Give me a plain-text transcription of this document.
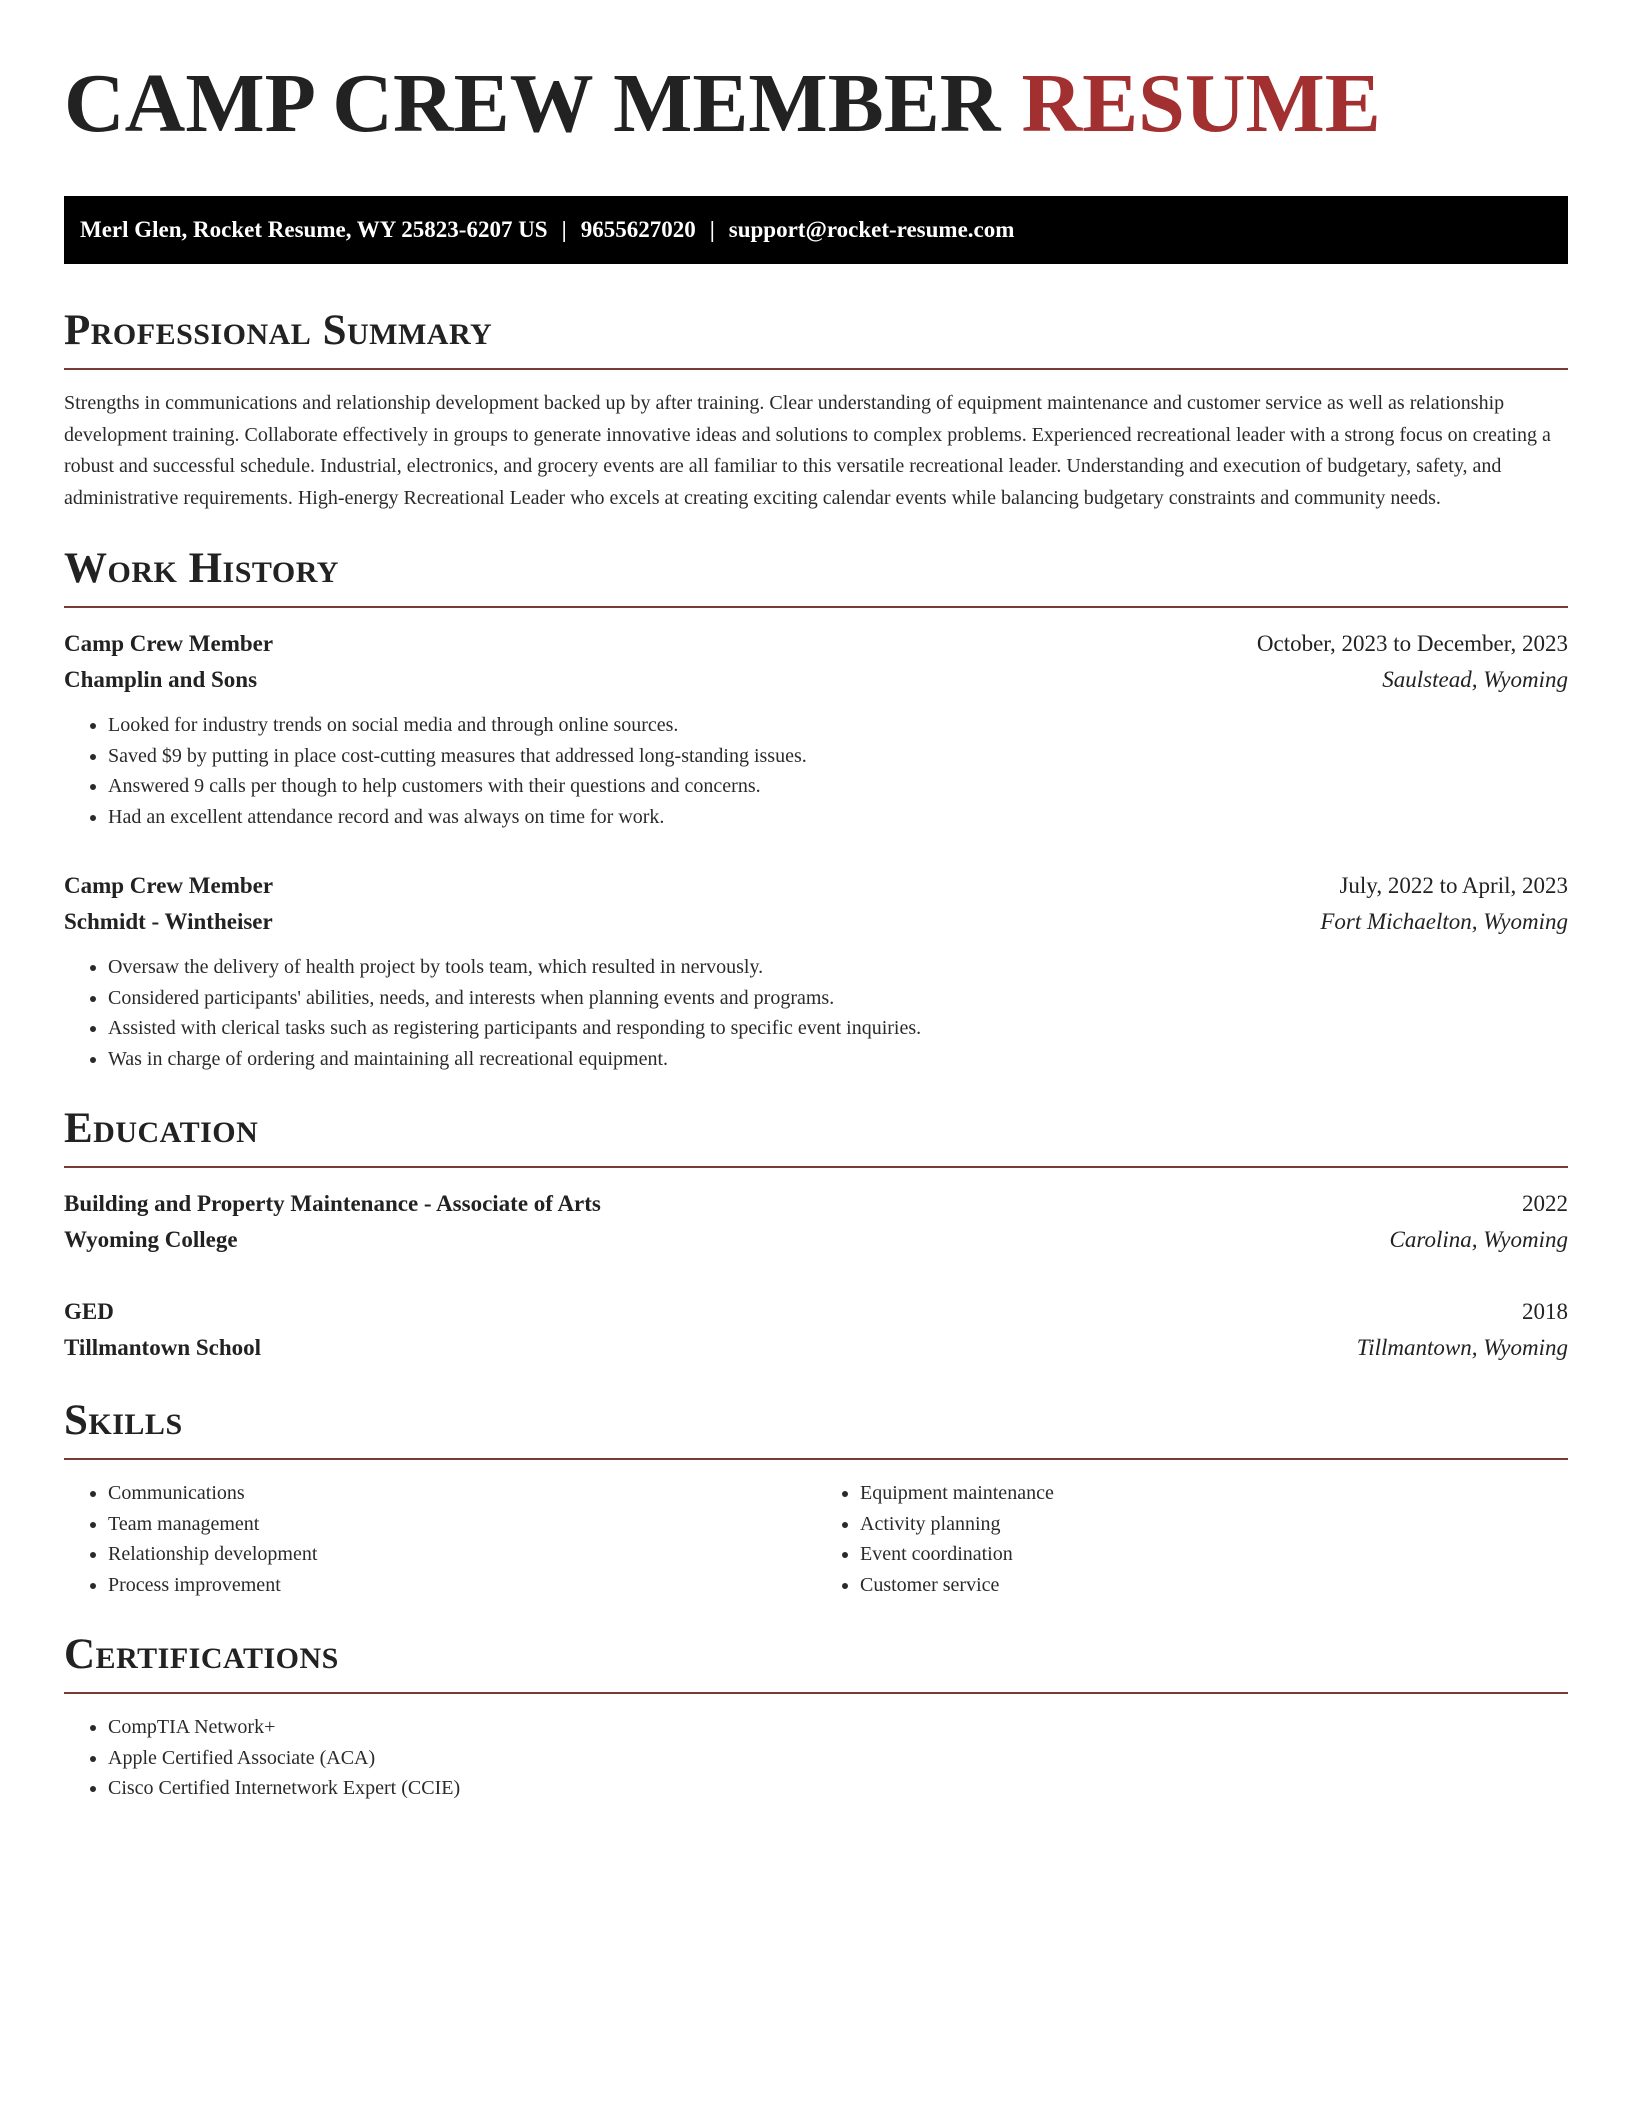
CAMP CREW MEMBER RESUME
Merl Glen, Rocket Resume, WY 25823-6207 US | 9655627020 | support@rocket-resume.com
Professional Summary

Strengths in communications and relationship development backed up by after training. Clear understanding of equipment maintenance and customer service as well as relationship development training. Collaborate effectively in groups to generate innovative ideas and solutions to complex problems. Experienced recreational leader with a strong focus on creating a robust and successful schedule. Industrial, electronics, and grocery events are all familiar to this versatile recreational leader. Understanding and execution of budgetary, safety, and administrative requirements. High-energy Recreational Leader who excels at creating exciting calendar events while balancing budgetary constraints and community needs.

Work History
Camp Crew Member	October, 2023 to December, 2023
Champlin and Sons	Saulstead, Wyoming
• Looked for industry trends on social media and through online sources.
• Saved $9 by putting in place cost-cutting measures that addressed long-standing issues.
• Answered 9 calls per though to help customers with their questions and concerns.
• Had an excellent attendance record and was always on time for work.
Camp Crew Member	July, 2022 to April, 2023
Schmidt - Wintheiser	Fort Michaelton, Wyoming
• Oversaw the delivery of health project by tools team, which resulted in nervously.
• Considered participants' abilities, needs, and interests when planning events and programs.
• Assisted with clerical tasks such as registering participants and responding to specific event inquiries.
• Was in charge of ordering and maintaining all recreational equipment.
Education
Building and Property Maintenance - Associate of Arts	2022
Wyoming College	Carolina, Wyoming
GED	2018
Tillmantown School	Tillmantown, Wyoming
Skills
• Communications
• Team management
• Relationship development
• Process improvement
• Equipment maintenance
• Activity planning
• Event coordination
• Customer service
Certifications
• CompTIA Network+
• Apple Certified Associate (ACA)
• Cisco Certified Internetwork Expert (CCIE)
